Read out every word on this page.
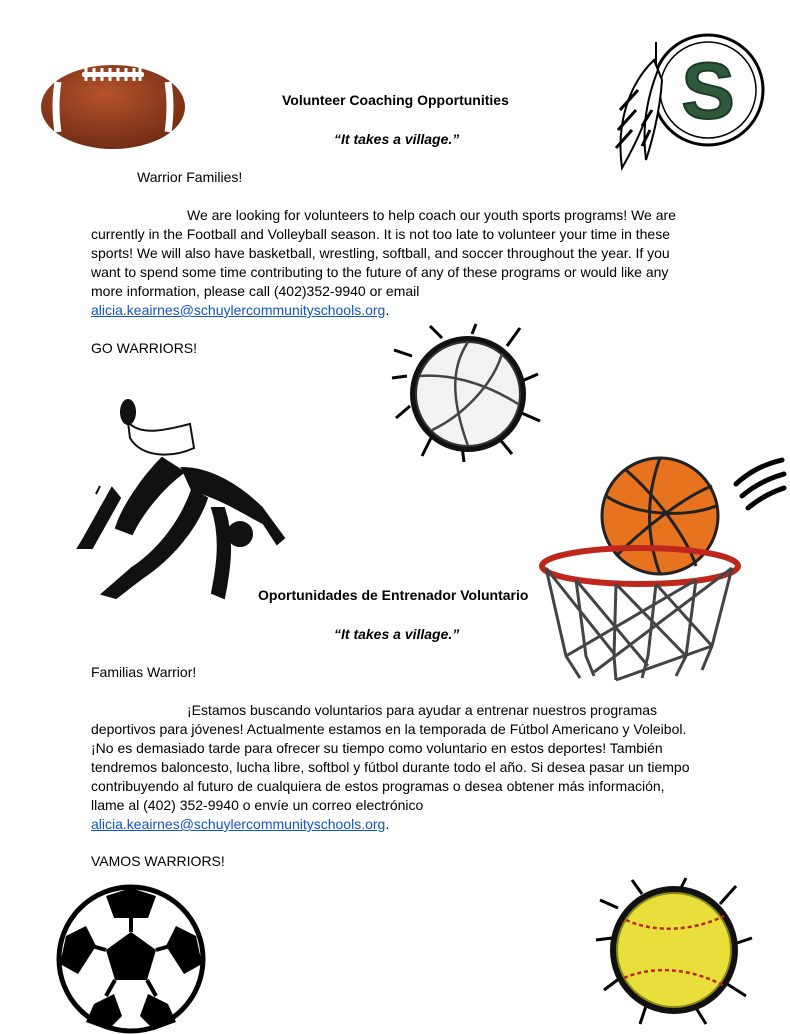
S
Volunteer Coaching Opportunities
“It takes a village.”
Warrior Families!
We are looking for volunteers to help coach our youth sports programs! We are currently in the Football and Volleyball season. It is not too late to volunteer your time in these sports! We will also have basketball, wrestling, softball, and soccer throughout the year. If you want to spend some time contributing to the future of any of these programs or would like any more information, please call (402)352-9940 or email alicia.keairnes@schuylercommunityschools.org.
GO WARRIORS!
Oportunidades de Entrenador Voluntario
“It takes a village.”
Familias Warrior!
¡Estamos buscando voluntarios para ayudar a entrenar nuestros programas deportivos para jóvenes! Actualmente estamos en la temporada de Fútbol Americano y Voleibol. ¡No es demasiado tarde para ofrecer su tiempo como voluntario en estos deportes! También tendremos baloncesto, lucha libre, softbol y fútbol durante todo el año. Si desea pasar un tiempo contribuyendo al futuro de cualquiera de estos programas o desea obtener más información, llame al (402) 352-9940 o envíe un correo electrónico alicia.keairnes@schuylercommunityschools.org.
VAMOS WARRIORS!
